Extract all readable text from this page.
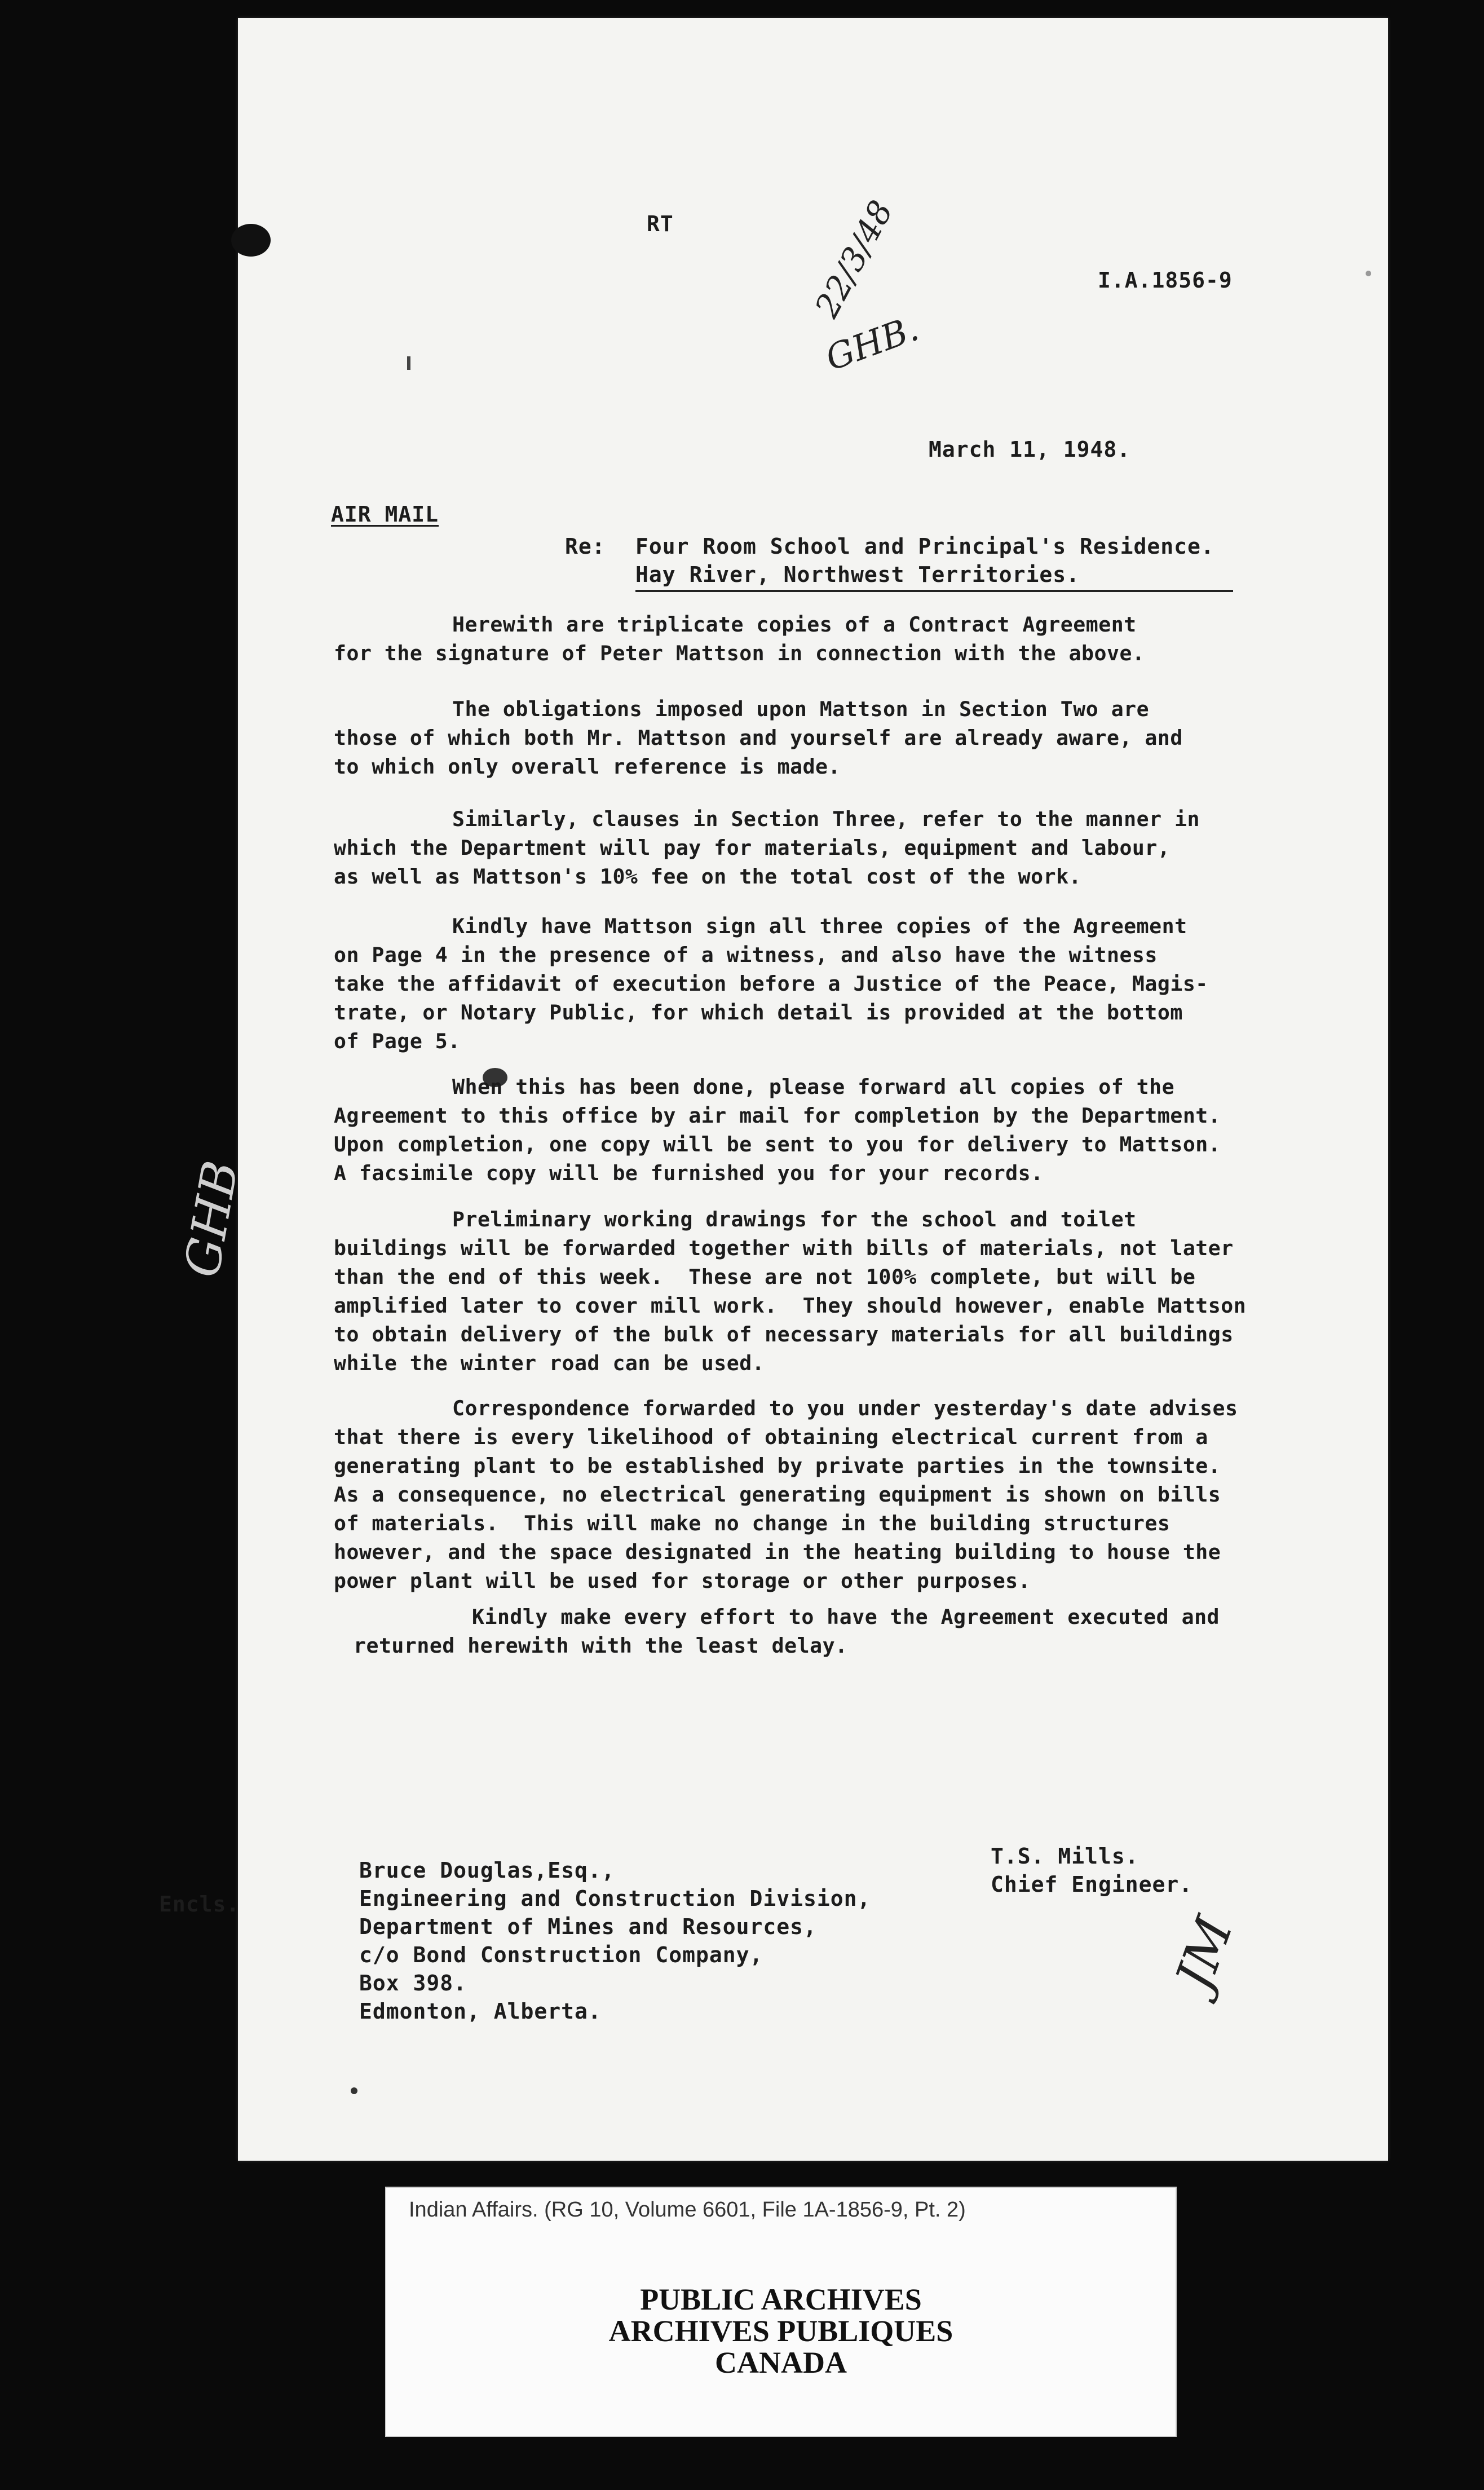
RT
I.A.1856-9
22/3/48
GHB.
March 11, 1948.
AIR MAIL
Re: Four Room School and Principal's Residence.
Hay River, Northwest Territories.
Herewith are triplicate copies of a Contract Agreement
for the signature of Peter Mattson in connection with the above.
The obligations imposed upon Mattson in Section Two are
those of which both Mr. Mattson and yourself are already aware, and
to which only overall reference is made.
Similarly, clauses in Section Three, refer to the manner in
which the Department will pay for materials, equipment and labour,
as well as Mattson's 10% fee on the total cost of the work.
Kindly have Mattson sign all three copies of the Agreement
on Page 4 in the presence of a witness, and also have the witness
take the affidavit of execution before a Justice of the Peace, Magis-
trate, or Notary Public, for which detail is provided at the bottom
of Page 5.
When this has been done, please forward all copies of the
Agreement to this office by air mail for completion by the Department.
Upon completion, one copy will be sent to you for delivery to Mattson.
A facsimile copy will be furnished you for your records.
Preliminary working drawings for the school and toilet
buildings will be forwarded together with bills of materials, not later
than the end of this week.  These are not 100% complete, but will be
amplified later to cover mill work.  They should however, enable Mattson
to obtain delivery of the bulk of necessary materials for all buildings
while the winter road can be used.
Correspondence forwarded to you under yesterday's date advises
that there is every likelihood of obtaining electrical current from a
generating plant to be established by private parties in the townsite.
As a consequence, no electrical generating equipment is shown on bills
of materials.  This will make no change in the building structures
however, and the space designated in the heating building to house the
power plant will be used for storage or other purposes.
Kindly make every effort to have the Agreement executed and
returned herewith with the least delay.
GHB
Encls.
Bruce Douglas,Esq.,
Engineering and Construction Division,
Department of Mines and Resources,
c/o Bond Construction Company,
Box 398.
Edmonton, Alberta.
T.S. Mills.
Chief Engineer.
JM
Indian Affairs. (RG 10, Volume 6601, File 1A-1856-9, Pt. 2)
PUBLIC ARCHIVES
ARCHIVES PUBLIQUES
CANADA
